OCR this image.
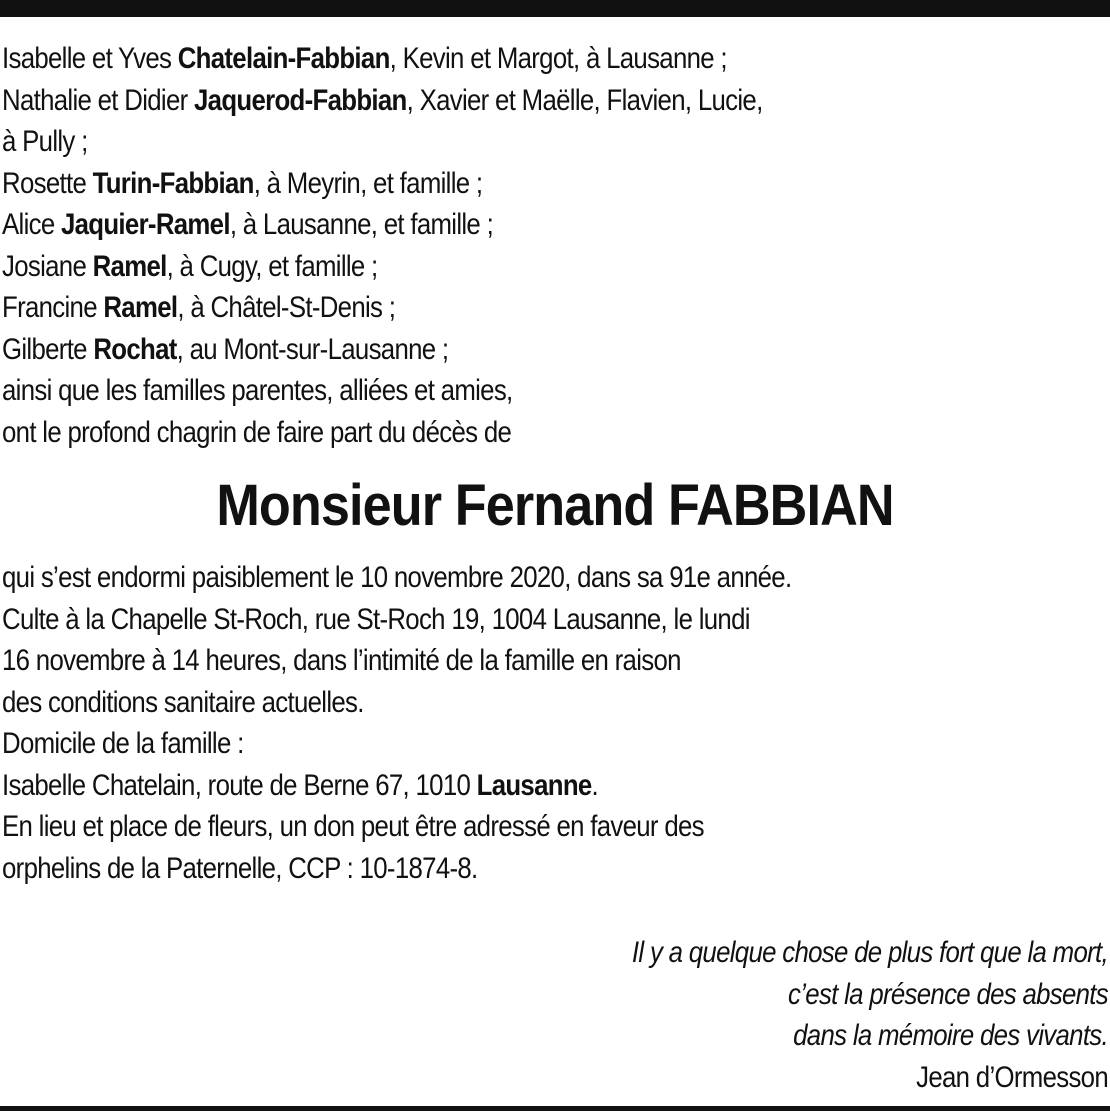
Isabelle et Yves Chatelain-Fabbian, Kevin et Margot, à Lausanne ;
Nathalie et Didier Jaquerod-Fabbian, Xavier et Maëlle, Flavien, Lucie,
à Pully ;
Rosette Turin-Fabbian, à Meyrin, et famille ;
Alice Jaquier-Ramel, à Lausanne, et famille ;
Josiane Ramel, à Cugy, et famille ;
Francine Ramel, à Châtel-St-Denis ;
Gilberte Rochat, au Mont-sur-Lausanne ;
ainsi que les familles parentes, alliées et amies,
ont le profond chagrin de faire part du décès de
Monsieur Fernand FABBIAN
qui s’est endormi paisiblement le 10 novembre 2020, dans sa 91e année.
Culte à la Chapelle St-Roch, rue St-Roch 19, 1004 Lausanne, le lundi
16 novembre à 14 heures, dans l’intimité de la famille en raison
des conditions sanitaire actuelles.
Domicile de la famille :
Isabelle Chatelain, route de Berne 67, 1010 Lausanne.
En lieu et place de fleurs, un don peut être adressé en faveur des
orphelins de la Paternelle, CCP : 10-1874-8.
Il y a quelque chose de plus fort que la mort,
c’est la présence des absents
dans la mémoire des vivants.
Jean d’Ormesson
